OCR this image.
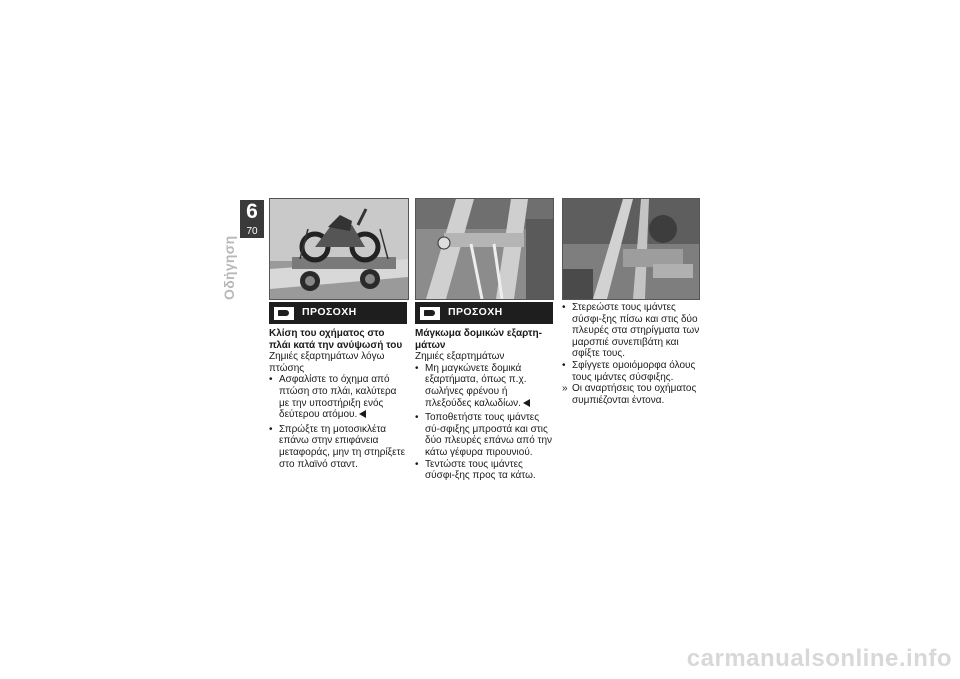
6
70
Οδήγηση
ΠΡΟΣΟΧΗ
Κλίση του οχήματος στο πλάι κατά την ανύψωσή του
Ζημιές εξαρτημάτων λόγω πτώσης
• Ασφαλίστε το όχημα από πτώση στο πλάι, καλύτερα με την υποστήριξη ενός δεύτερου ατόμου.
• Σπρώξτε τη μοτοσικλέτα επάνω στην επιφάνεια μεταφοράς, μην τη στηρίξετε στο πλαϊνό σταντ.
ΠΡΟΣΟΧΗ
Μάγκωμα δομικών εξαρτη-μάτων
Ζημιές εξαρτημάτων
• Μη μαγκώνετε δομικά εξαρτήματα, όπως π.χ. σωλήνες φρένου ή πλεξούδες καλωδίων.
• Τοποθετήστε τους ιμάντες σύ-σφιξης μπροστά και στις δύο πλευρές επάνω από την κάτω γέφυρα πιρουνιού.
• Τεντώστε τους ιμάντες σύσφι-ξης προς τα κάτω.
• Στερεώστε τους ιμάντες σύσφι-ξης πίσω και στις δύο πλευρές στα στηρίγματα των μαρσπιέ συνεπιβάτη και σφίξτε τους.
• Σφίγγετε ομοιόμορφα όλους τους ιμάντες σύσφιξης.
» Οι αναρτήσεις του οχήματος συμπιέζονται έντονα.
carmanualsonline.info
